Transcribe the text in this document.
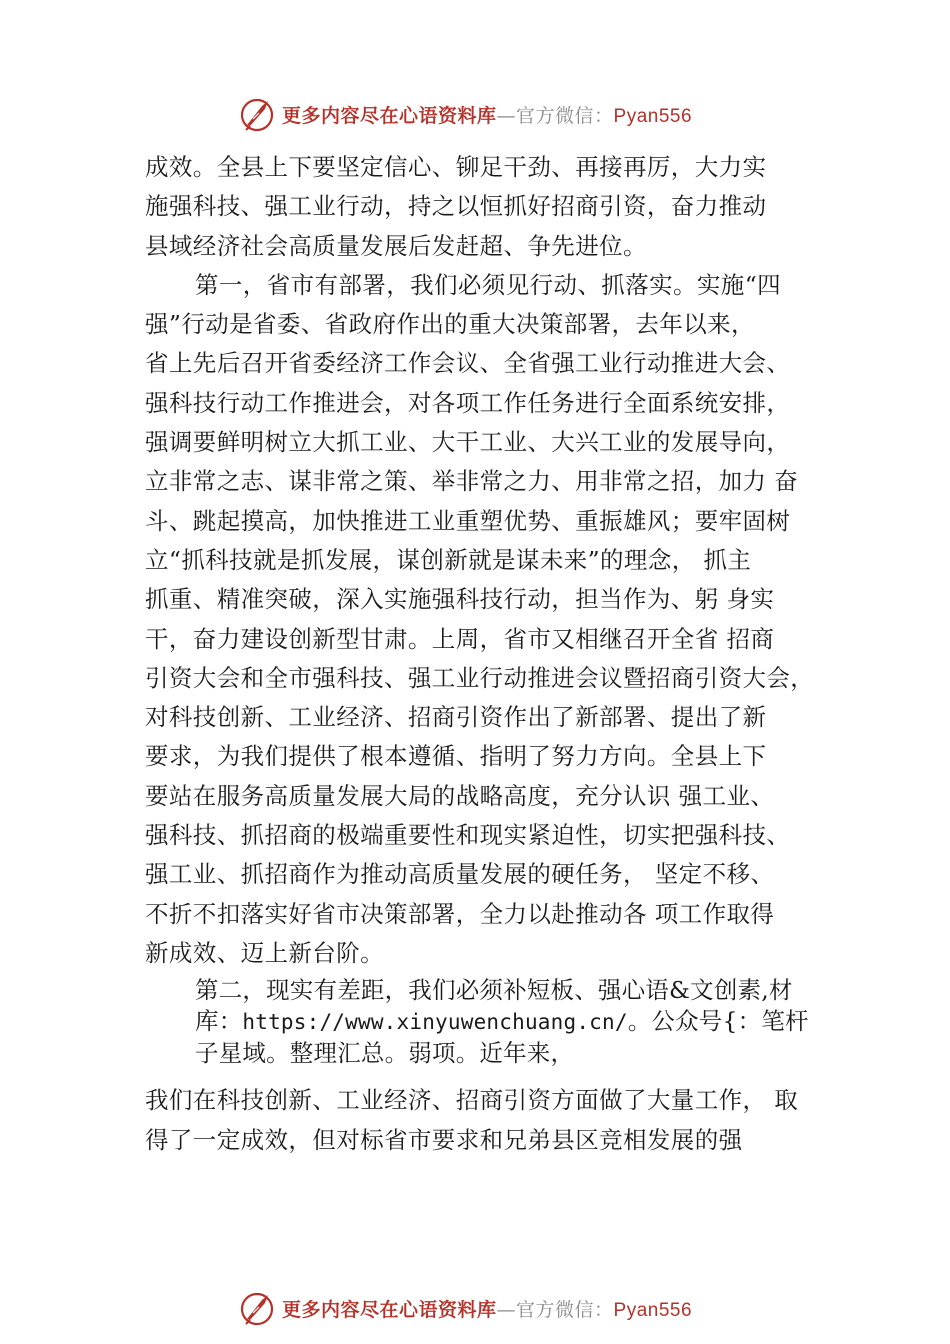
更多内容尽在心语资料库—官方微信：Pyan556

成效。全县上下要坚定信心、铆足干劲、再接再厉，大力实
施强科技、强工业行动，持之以恒抓好招商引资，奋力推动
县域经济社会高质量发展后发赶超、争先进位。

第一，省市有部署，我们必须见行动、抓落实。实施“四
强”行动是省委、省政府作出的重大决策部署，去年以来，
省上先后召开省委经济工作会议、全省强工业行动推进大会、
强科技行动工作推进会，对各项工作任务进行全面系统安排，
强调要鲜明树立大抓工业、大干工业、大兴工业的发展导向，
立非常之志、谋非常之策、举非常之力、用非常之招，加力 奋
斗、跳起摸高，加快推进工业重塑优势、重振雄风；要牢固树
立“抓科技就是抓发展，谋创新就是谋未来”的理念， 抓主
抓重、精准突破，深入实施强科技行动，担当作为、躬 身实
干，奋力建设创新型甘肃。上周，省市又相继召开全省 招商
引资大会和全市强科技、强工业行动推进会议暨招商引资大会，
对科技创新、工业经济、招商引资作出了新部署、提出了新
要求，为我们提供了根本遵循、指明了努力方向。全县上下
要站在服务高质量发展大局的战略高度，充分认识 强工业、
强科技、抓招商的极端重要性和现实紧迫性，切实把强科技、
强工业、抓招商作为推动高质量发展的硬任务， 坚定不移、
不折不扣落实好省市决策部署，全力以赴推动各 项工作取得
新成效、迈上新台阶。

第二，现实有差距，我们必须补短板、强心语&文创素,材
库：https://www.xinyuwenchuang.cn/。公众号{：笔杆
子星域。整理汇总。弱项。近年来，

我们在科技创新、工业经济、招商引资方面做了大量工作， 取
得了一定成效，但对标省市要求和兄弟县区竞相发展的强

更多内容尽在心语资料库—官方微信：Pyan556
